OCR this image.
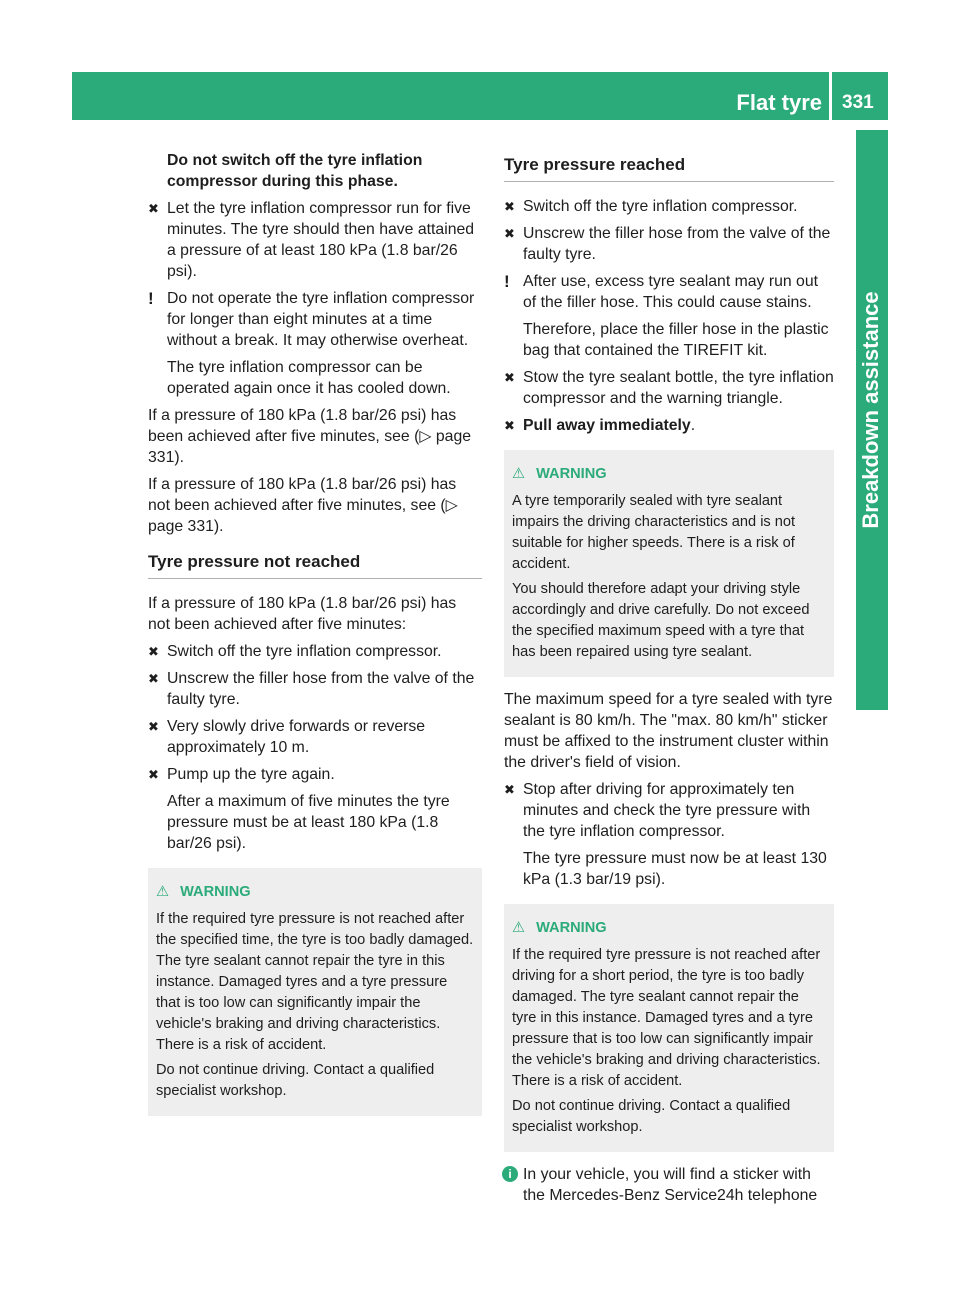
Flat tyre 331
Breakdown assistance

Do not switch off the tyre inflation compressor during this phase.

✖ Let the tyre inflation compressor run for five minutes. The tyre should then have attained a pressure of at least 180 kPa (1.8 bar/26 psi).
! Do not operate the tyre inflation compressor for longer than eight minutes at a time without a break. It may otherwise overheat.

The tyre inflation compressor can be operated again once it has cooled down.

If a pressure of 180 kPa (1.8 bar/26 psi) has been achieved after five minutes, see (▷ page 331).

If a pressure of 180 kPa (1.8 bar/26 psi) has not been achieved after five minutes, see (▷ page 331).

Tyre pressure not reached

If a pressure of 180 kPa (1.8 bar/26 psi) has not been achieved after five minutes:

✖ Switch off the tyre inflation compressor.
✖ Unscrew the filler hose from the valve of the faulty tyre.
✖ Very slowly drive forwards or reverse approximately 10 m.
✖ Pump up the tyre again.

After a maximum of five minutes the tyre pressure must be at least 180 kPa (1.8 bar/26 psi).

⚠ WARNING

If the required tyre pressure is not reached after the specified time, the tyre is too badly damaged. The tyre sealant cannot repair the tyre in this instance. Damaged tyres and a tyre pressure that is too low can significantly impair the vehicle's braking and driving characteristics. There is a risk of accident.

Do not continue driving. Contact a qualified specialist workshop.

Tyre pressure reached
✖ Switch off the tyre inflation compressor.
✖ Unscrew the filler hose from the valve of the faulty tyre.
! After use, excess tyre sealant may run out of the filler hose. This could cause stains.

Therefore, place the filler hose in the plastic bag that contained the TIREFIT kit.

✖ Stow the tyre sealant bottle, the tyre inflation compressor and the warning triangle.
✖ Pull away immediately.
⚠ WARNING

A tyre temporarily sealed with tyre sealant impairs the driving characteristics and is not suitable for higher speeds. There is a risk of accident.

You should therefore adapt your driving style accordingly and drive carefully. Do not exceed the specified maximum speed with a tyre that has been repaired using tyre sealant.

The maximum speed for a tyre sealed with tyre sealant is 80 km/h. The "max. 80 km/h" sticker must be affixed to the instrument cluster within the driver's field of vision.

✖ Stop after driving for approximately ten minutes and check the tyre pressure with the tyre inflation compressor.

The tyre pressure must now be at least 130 kPa (1.3 bar/19 psi).

⚠ WARNING

If the required tyre pressure is not reached after driving for a short period, the tyre is too badly damaged. The tyre sealant cannot repair the tyre in this instance. Damaged tyres and a tyre pressure that is too low can significantly impair the vehicle's braking and driving characteristics. There is a risk of accident.

Do not continue driving. Contact a qualified specialist workshop.

i In your vehicle, you will find a sticker with the Mercedes-Benz Service24h telephone
